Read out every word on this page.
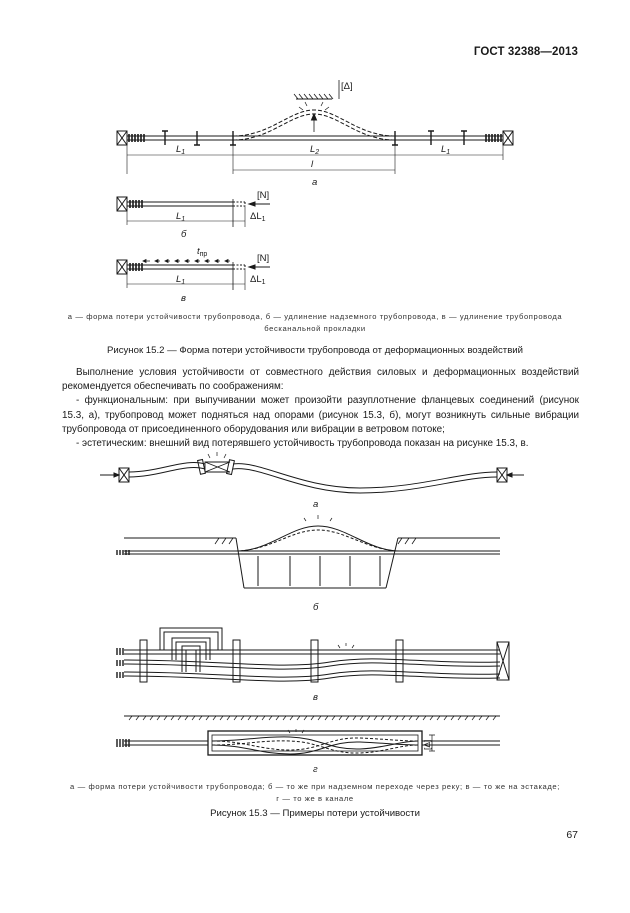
ГОСТ 32388—2013
[Δ]
$L_1$	$L_2$	$L_1$
l
а
[N]
$L_1$	$\Delta L_1$
б
$t_{пр}$	[N]
$L_1$	$\Delta L_1$
в
а — форма потери устойчивости трубопровода, б — удлинение надземного трубопровода, в — удлинение трубопровода
бесканальной прокладки
Рисунок 15.2 — Форма потери устойчивости трубопровода от деформационных воздействий

Выполнение условия устойчивости от совместного действия силовых и деформационных воздействий рекомендуется обеспечивать по соображениям:

- функциональным: при выпучивании может произойти разуплотнение фланцевых соединений (рисунок 15.3, а), трубопровод может подняться над опорами (рисунок 15.3, б), могут возникнуть сильные вибрации трубопровода от присоединенного оборудования или вибрации в ветровом потоке;

- эстетическим: внешний вид потерявшего устойчивость трубопровода показан на рисунке 15.3, в.

а
б
в
г
[Δ]
а — форма потери устойчивости трубопровода; б — то же при надземном переходе через реку; в — то же на эстакаде;
г — то же в канале
Рисунок 15.3 — Примеры потери устойчивости
67
